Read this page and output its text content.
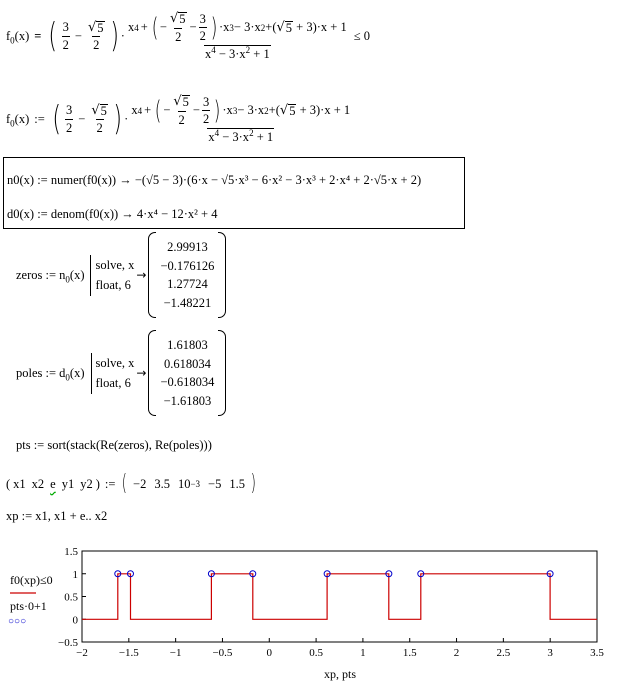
$f_0(x)$ = ( $\frac{3}{2} - \frac{√ 5}{2}$ ) ·
x 4 + ( − $\frac{√ 5}{2} - \frac{3}{2}$ ) ·x 3 − 3·x 2 + ( √ 5 + 3) ·x + 1
$x^4 - 3\cdot x^2 + 1$
≤ 0
$f_0(x)$ := ( $\frac{3}{2} - \frac{√ 5}{2}$ ) ·
x 4 + ( − $\frac{√ 5}{2} - \frac{3}{2}$ ) ·x 3 − 3·x 2 + ( √ 5 + 3) ·x + 1
$x^4 - 3\cdot x^2 + 1$
n0(x) := numer(f0(x)) → −(√5 − 3)·(6·x − √5·x³ − 6·x² − 3·x³ + 2·x⁴ + 2·√5·x + 2)
d0(x) := denom(f0(x)) → 4·x⁴ − 12·x² + 4
zeros := $n_0(x)$
solve, x
float, 6
→
2.99913
−0.176126
1.27724
−1.48221
poles := $d_0(x)$
solve, x
float, 6
→
1.61803
0.618034
−0.618034
−1.61803
pts := sort(stack(Re(zeros), Re(poles)))
( x1 x2 e y1 y2 ) := ( −2 3.5 10 −3 −5 1.5 )
xp := x1, x1 + e.. x2
1.5
1
0.5
0
−0.5
−2	−1.5	−1	−0.5	0	0.5	1	1.5	2	2.5	3	3.5
f0(xp)≤0
pts·0+1
○○○
xp, pts
